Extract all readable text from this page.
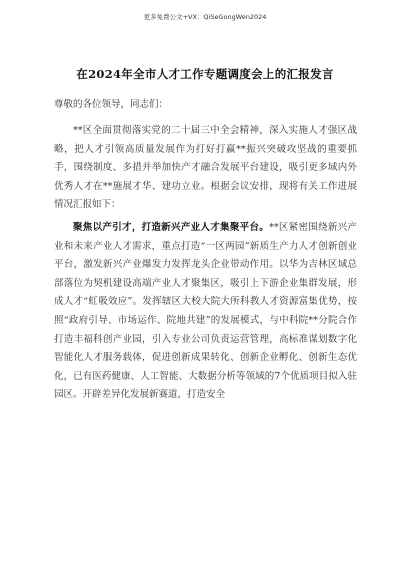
更多免费公文+VX：QiSeGongWen2024
在2024年全市人才工作专题调度会上的汇报发言
尊敬的各位领导，同志们：

**区全面贯彻落实党的二十届三中全会精神，深入实施人才强区战略，把人才引领高质量发展作为打好打赢**振兴突破攻坚战的重要抓手，围绕制度、多措并举加快产才融合发展平台建设，吸引更多域内外优秀人才在**施展才华、建功立业。根据会议安排，现将有关工作进展情况汇报如下：

聚焦以产引才，打造新兴产业人才集聚平台。**区紧密围绕新兴产业和未来产业人才需求，重点打造“一区两园”新质生产力人才创新创业平台，激发新兴产业爆发力发挥龙头企业带动作用。以华为吉林区域总部落位为契机建设高端产业人才聚集区，吸引上下游企业集群发展，形成人才“虹吸效应”。发挥辖区大校大院大所科教人才资源富集优势，按照“政府引导、市场运作、院地共建”的发展模式，与中科院**分院合作打造丰福科创产业园，引入专业公司负责运营管理，高标准谋划数字化智能化人才服务载体，促进创新成果转化、创新企业孵化、创新生态优化，已有医药健康、人工智能、大数据分析等领域的7个优质项目拟入驻园区。开辟差异化发展新赛道，打造安全
